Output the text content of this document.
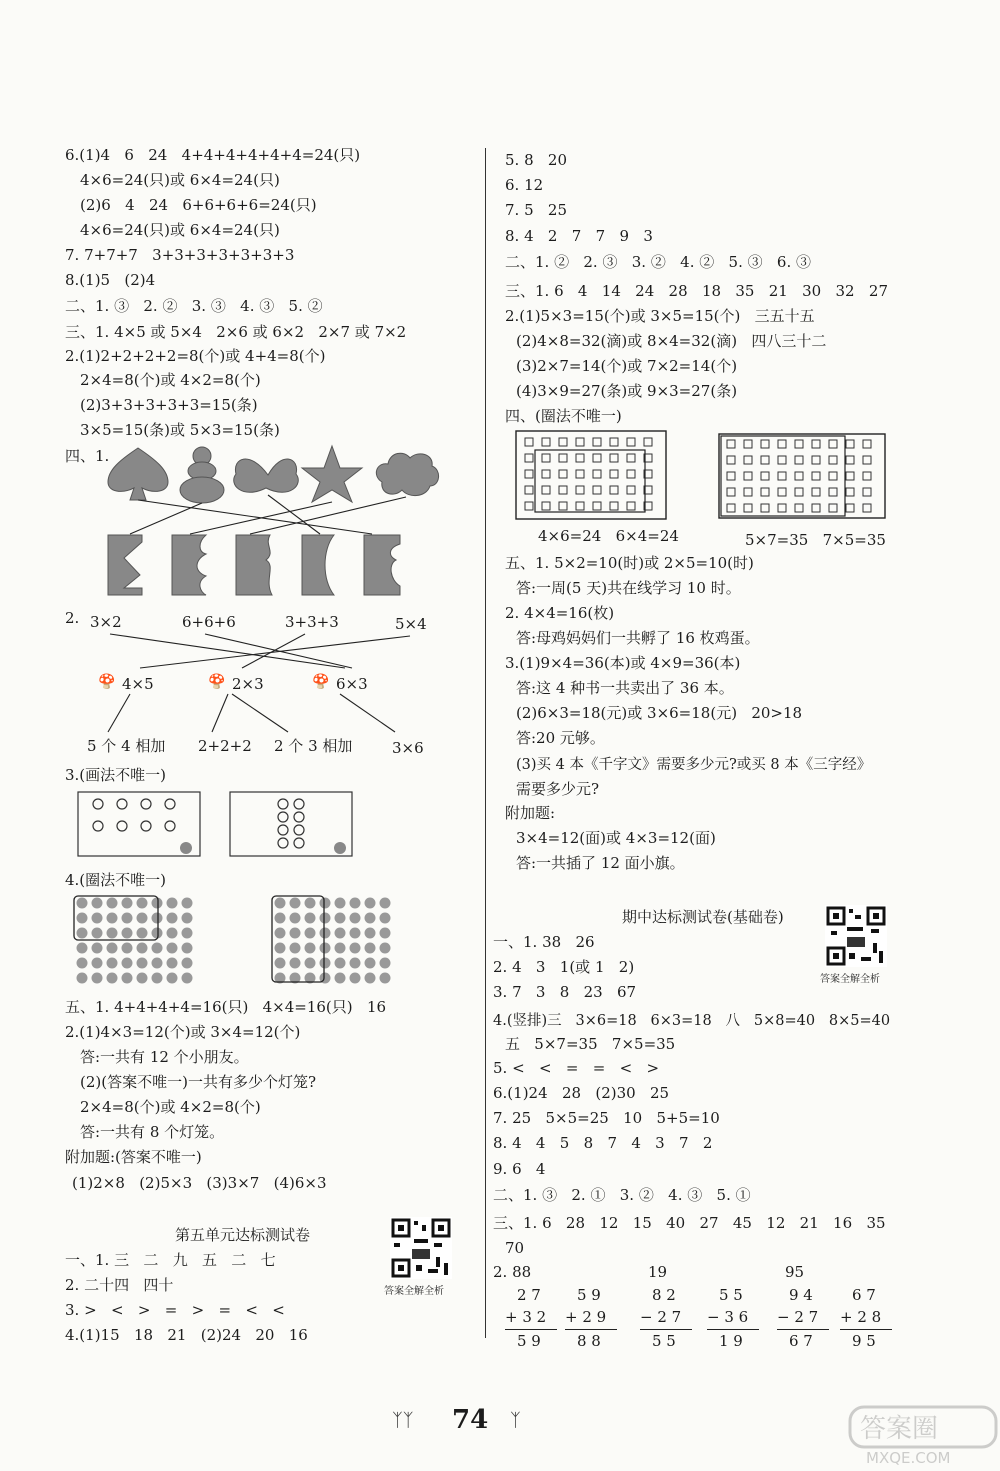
6.(1)4   6   24   4+4+4+4+4+4=24(只)
4×6=24(只)或 6×4=24(只)
(2)6   4   24   6+6+6+6=24(只)
4×6=24(只)或 6×4=24(只)
7. 7+7+7   3+3+3+3+3+3+3
8.(1)5   (2)4
二、1. ③   2. ②   3. ③   4. ③   5. ②
三、1. 4×5 或 5×4   2×6 或 6×2   2×7 或 7×2
2.(1)2+2+2+2=8(个)或 4+4=8(个)
2×4=8(个)或 4×2=8(个)
(2)3+3+3+3+3=15(条)
3×5=15(条)或 5×3=15(条)
四、1.
2. 3×2	6+6+6	3+3+3	5×4
🍄 4×5	🍄 2×3	🍄 6×3
5 个 4 相加 2+2+2 2 个 3 相加	3×6
3.(画法不唯一)
4.(圈法不唯一)
五、1. 4+4+4+4=16(只)   4×4=16(只)   16
2.(1)4×3=12(个)或 3×4=12(个)
答:一共有 12 个小朋友。
(2)(答案不唯一)一共有多少个灯笼?
2×4=8(个)或 4×2=8(个)
答:一共有 8 个灯笼。
附加题:(答案不唯一)
(1)2×8   (2)5×3   (3)3×7   (4)6×3
第五单元达标测试卷
答案全解全析
一、1. 三   二   九   五   二   七
2. 二十四   四十
3. >   <   >   =   >   =   <   <
4.(1)15   18   21   (2)24   20   16
5. 8   20
6. 12
7. 5   25
8. 4   2   7   7   9   3
二、1. ②   2. ③   3. ②   4. ②   5. ③   6. ③
三、1. 6   4   14   24   28   18   35   21   30   32   27
2.(1)5×3=15(个)或 3×5=15(个)   三五十五
(2)4×8=32(滴)或 8×4=32(滴)   四八三十二
(3)2×7=14(个)或 7×2=14(个)
(4)3×9=27(条)或 9×3=27(条)
四、(圈法不唯一)
4×6=24   6×4=24	5×7=35   7×5=35
五、1. 5×2=10(时)或 2×5=10(时)
答:一周(5 天)共在线学习 10 时。
2. 4×4=16(枚)
答:母鸡妈妈们一共孵了 16 枚鸡蛋。
3.(1)9×4=36(本)或 4×9=36(本)
答:这 4 种书一共卖出了 36 本。
(2)6×3=18(元)或 3×6=18(元)   20>18
答:20 元够。
(3)买 4 本《千字文》需要多少元?或买 8 本《三字经》
需要多少元?
附加题:
3×4=12(面)或 4×3=12(面)
答:一共插了 12 面小旗。
期中达标测试卷(基础卷)
答案全解全析
一、1. 38   26
2. 4   3   1(或 1   2)
3. 7   3   8   23   67
4.(竖排)三   3×6=18   6×3=18   八   5×8=40   8×5=40
五   5×7=35   7×5=35
5. <   <   =   =   <   >
6.(1)24   28   (2)30   25
7. 25   5×5=25   10   5+5=10
8. 4   4   5   8   7   4   3   7   2
9. 6   4
二、1. ③   2. ①   3. ②   4. ③   5. ①
三、1. 6   28   12   15   40   27   45   12   21   16   35
70
2. 88
2 7
+ 3 2
5 9
5 9
+ 2 9
8 8
19
8 2
− 2 7
5 5
5 5
− 3 6
1 9
95
9 4
− 2 7
6 7
6 7
+ 2 8
9 5
ᛉᛉ 74 ᛉ	答案圈
MXQE.COM
